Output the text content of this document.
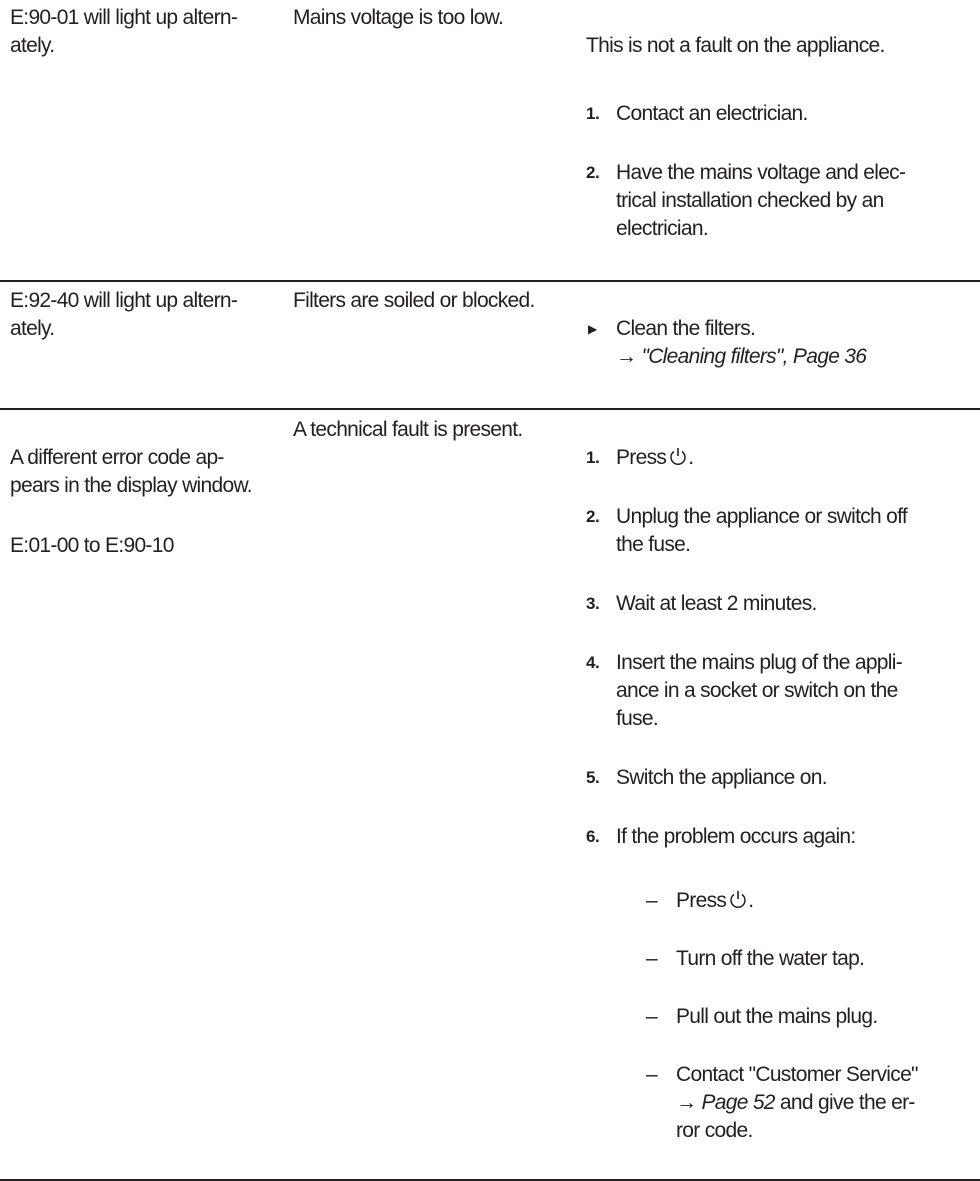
E:90-01 will light up altern-
ately.
Mains voltage is too low.

This is not a fault on the appliance.

1. Contact an electrician.

2. Have the mains voltage and elec-
trical installation checked by an
electrician.

E:92-40 will light up altern-
ately.
Filters are soiled or blocked.

▶ Clean the filters.
→ "Cleaning filters", Page 36

A different error code ap-
pears in the display window.

E:01-00 to E:90-10

A technical fault is present.

1. Press .

2. Unplug the appliance or switch off
the fuse.

3. Wait at least 2 minutes.

4. Insert the mains plug of the appli-
ance in a socket or switch on the
fuse.

5. Switch the appliance on.

6. If the problem occurs again:

– Press .

– Turn off the water tap.

– Pull out the mains plug.

– Contact "Customer Service"
→ Page 52 and give the er-
ror code.
